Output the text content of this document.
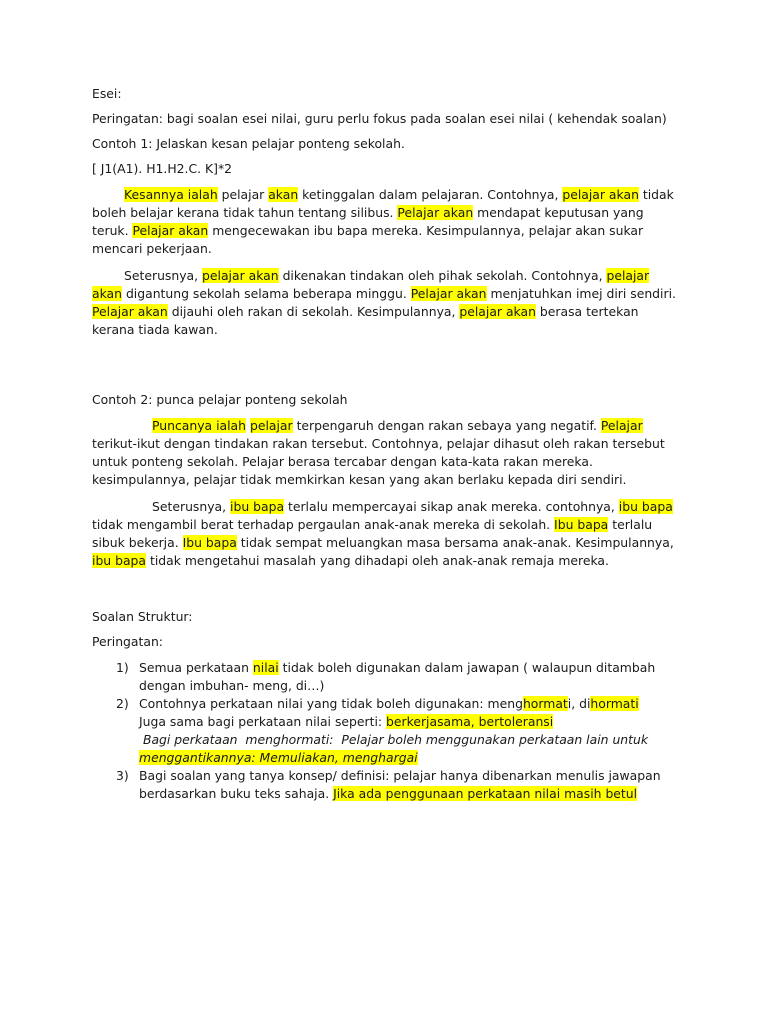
Esei:

Peringatan: bagi soalan esei nilai, guru perlu fokus pada soalan esei nilai ( kehendak soalan)

Contoh 1: Jelaskan kesan pelajar ponteng sekolah.

[ J1(A1). H1.H2.C. K]*2

Kesannya ialah pelajar akan ketinggalan dalam pelajaran. Contohnya, pelajar akan tidak boleh belajar kerana tidak tahun tentang silibus. Pelajar akan mendapat keputusan yang teruk. Pelajar akan mengecewakan ibu bapa mereka. Kesimpulannya, pelajar akan sukar mencari pekerjaan.

Seterusnya, pelajar akan dikenakan tindakan oleh pihak sekolah. Contohnya, pelajar akan digantung sekolah selama beberapa minggu. Pelajar akan menjatuhkan imej diri sendiri. Pelajar akan dijauhi oleh rakan di sekolah. Kesimpulannya, pelajar akan berasa tertekan kerana tiada kawan.

Contoh 2: punca pelajar ponteng sekolah

Puncanya ialah pelajar terpengaruh dengan rakan sebaya yang negatif. Pelajar terikut-ikut dengan tindakan rakan tersebut. Contohnya, pelajar dihasut oleh rakan tersebut untuk ponteng sekolah. Pelajar berasa tercabar dengan kata-kata rakan mereka. kesimpulannya, pelajar tidak memkirkan kesan yang akan berlaku kepada diri sendiri.

Seterusnya, ibu bapa terlalu mempercayai sikap anak mereka. contohnya, ibu bapa tidak mengambil berat terhadap pergaulan anak-anak mereka di sekolah. Ibu bapa terlalu sibuk bekerja. Ibu bapa tidak sempat meluangkan masa bersama anak-anak. Kesimpulannya, ibu bapa tidak mengetahui masalah yang dihadapi oleh anak-anak remaja mereka.

Soalan Struktur:

Peringatan:

1) Semua perkataan nilai tidak boleh digunakan dalam jawapan ( walaupun ditambah dengan imbuhan- meng, di…)
2) Contohnya perkataan nilai yang tidak boleh digunakan: menghormati, dihormati
Juga sama bagi perkataan nilai seperti: berkerjasama, bertoleransi
Bagi perkataan  menghormati:  Pelajar boleh menggunakan perkataan lain untuk
menggantikannya: Memuliakan, menghargai
3) Bagi soalan yang tanya konsep/ definisi: pelajar hanya dibenarkan menulis jawapan berdasarkan buku teks sahaja. Jika ada penggunaan perkataan nilai masih betul
